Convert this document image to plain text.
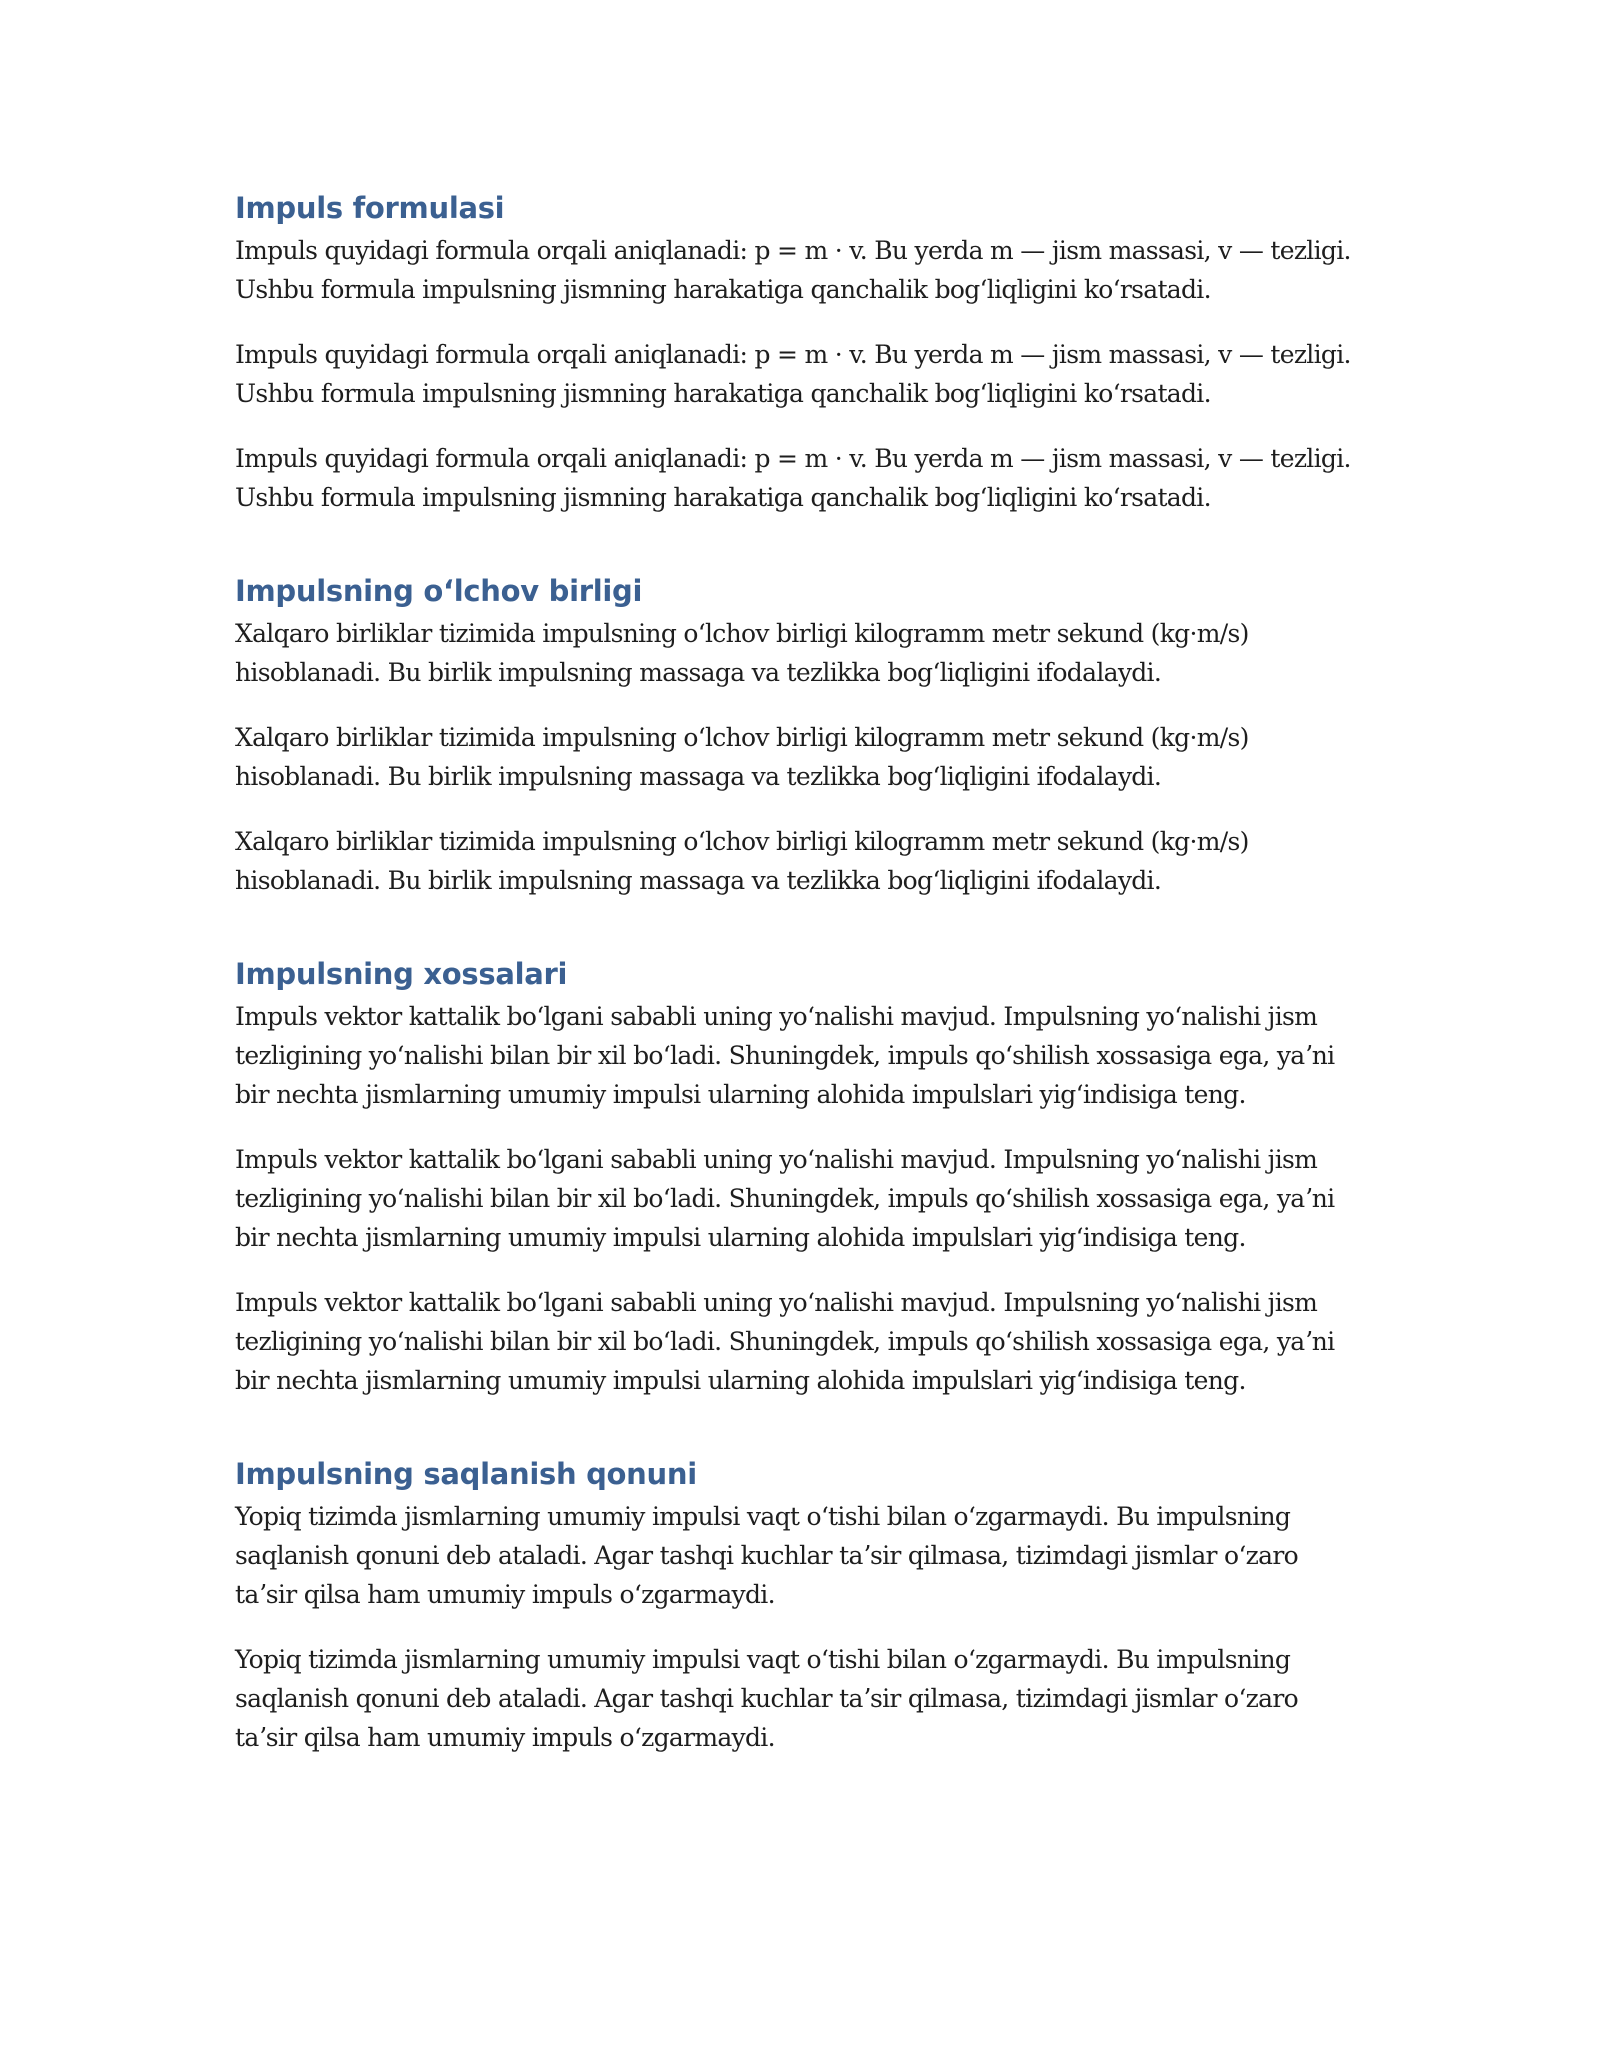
Impuls formulasi

Impuls quyidagi formula orqali aniqlanadi: p = m · v. Bu yerda m — jism massasi, v — tezligi.
Ushbu formula impulsning jismning harakatiga qanchalik bogʻliqligini koʻrsatadi.

Impuls quyidagi formula orqali aniqlanadi: p = m · v. Bu yerda m — jism massasi, v — tezligi.
Ushbu formula impulsning jismning harakatiga qanchalik bogʻliqligini koʻrsatadi.

Impuls quyidagi formula orqali aniqlanadi: p = m · v. Bu yerda m — jism massasi, v — tezligi.
Ushbu formula impulsning jismning harakatiga qanchalik bogʻliqligini koʻrsatadi.

Impulsning oʻlchov birligi

Xalqaro birliklar tizimida impulsning oʻlchov birligi kilogramm metr sekund (kg·m/s)
hisoblanadi. Bu birlik impulsning massaga va tezlikka bogʻliqligini ifodalaydi.

Xalqaro birliklar tizimida impulsning oʻlchov birligi kilogramm metr sekund (kg·m/s)
hisoblanadi. Bu birlik impulsning massaga va tezlikka bogʻliqligini ifodalaydi.

Xalqaro birliklar tizimida impulsning oʻlchov birligi kilogramm metr sekund (kg·m/s)
hisoblanadi. Bu birlik impulsning massaga va tezlikka bogʻliqligini ifodalaydi.

Impulsning xossalari

Impuls vektor kattalik boʻlgani sababli uning yoʻnalishi mavjud. Impulsning yoʻnalishi jism
tezligining yoʻnalishi bilan bir xil boʻladi. Shuningdek, impuls qoʻshilish xossasiga ega, yaʼni
bir nechta jismlarning umumiy impulsi ularning alohida impulslari yigʻindisiga teng.

Impuls vektor kattalik boʻlgani sababli uning yoʻnalishi mavjud. Impulsning yoʻnalishi jism
tezligining yoʻnalishi bilan bir xil boʻladi. Shuningdek, impuls qoʻshilish xossasiga ega, yaʼni
bir nechta jismlarning umumiy impulsi ularning alohida impulslari yigʻindisiga teng.

Impuls vektor kattalik boʻlgani sababli uning yoʻnalishi mavjud. Impulsning yoʻnalishi jism
tezligining yoʻnalishi bilan bir xil boʻladi. Shuningdek, impuls qoʻshilish xossasiga ega, yaʼni
bir nechta jismlarning umumiy impulsi ularning alohida impulslari yigʻindisiga teng.

Impulsning saqlanish qonuni

Yopiq tizimda jismlarning umumiy impulsi vaqt oʻtishi bilan oʻzgarmaydi. Bu impulsning
saqlanish qonuni deb ataladi. Agar tashqi kuchlar taʼsir qilmasa, tizimdagi jismlar oʻzaro
taʼsir qilsa ham umumiy impuls oʻzgarmaydi.

Yopiq tizimda jismlarning umumiy impulsi vaqt oʻtishi bilan oʻzgarmaydi. Bu impulsning
saqlanish qonuni deb ataladi. Agar tashqi kuchlar taʼsir qilmasa, tizimdagi jismlar oʻzaro
taʼsir qilsa ham umumiy impuls oʻzgarmaydi.
